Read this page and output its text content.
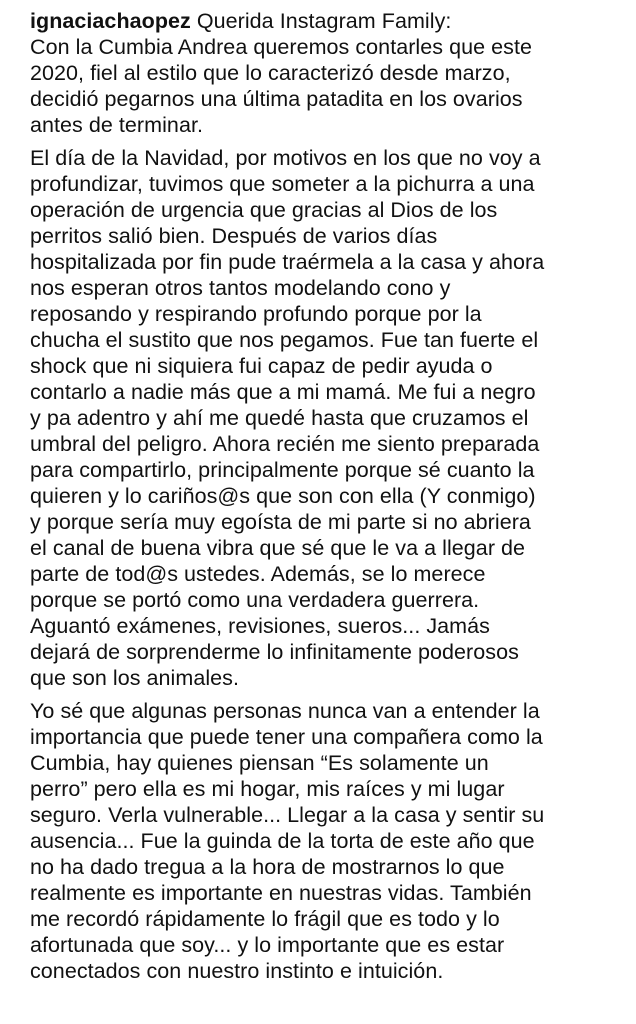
ignaciachaopez Querida Instagram Family:

Con la Cumbia Andrea queremos contarles que este
2020, fiel al estilo que lo caracterizó desde marzo,
decidió pegarnos una última patadita en los ovarios
antes de terminar.

El día de la Navidad, por motivos en los que no voy a
profundizar, tuvimos que someter a la pichurra a una
operación de urgencia que gracias al Dios de los
perritos salió bien. Después de varios días
hospitalizada por fin pude traérmela a la casa y ahora
nos esperan otros tantos modelando cono y
reposando y respirando profundo porque por la
chucha el sustito que nos pegamos. Fue tan fuerte el
shock que ni siquiera fui capaz de pedir ayuda o
contarlo a nadie más que a mi mamá. Me fui a negro
y pa adentro y ahí me quedé hasta que cruzamos el
umbral del peligro. Ahora recién me siento preparada
para compartirlo, principalmente porque sé cuanto la
quieren y lo cariños@s que son con ella (Y conmigo)
y porque sería muy egoísta de mi parte si no abriera
el canal de buena vibra que sé que le va a llegar de
parte de tod@s ustedes. Además, se lo merece
porque se portó como una verdadera guerrera.
Aguantó exámenes, revisiones, sueros... Jamás
dejará de sorprenderme lo infinitamente poderosos
que son los animales.

Yo sé que algunas personas nunca van a entender la
importancia que puede tener una compañera como la
Cumbia, hay quienes piensan “Es solamente un
perro” pero ella es mi hogar, mis raíces y mi lugar
seguro. Verla vulnerable... Llegar a la casa y sentir su
ausencia... Fue la guinda de la torta de este año que
no ha dado tregua a la hora de mostrarnos lo que
realmente es importante en nuestras vidas. También
me recordó rápidamente lo frágil que es todo y lo
afortunada que soy... y lo importante que es estar
conectados con nuestro instinto e intuición.
